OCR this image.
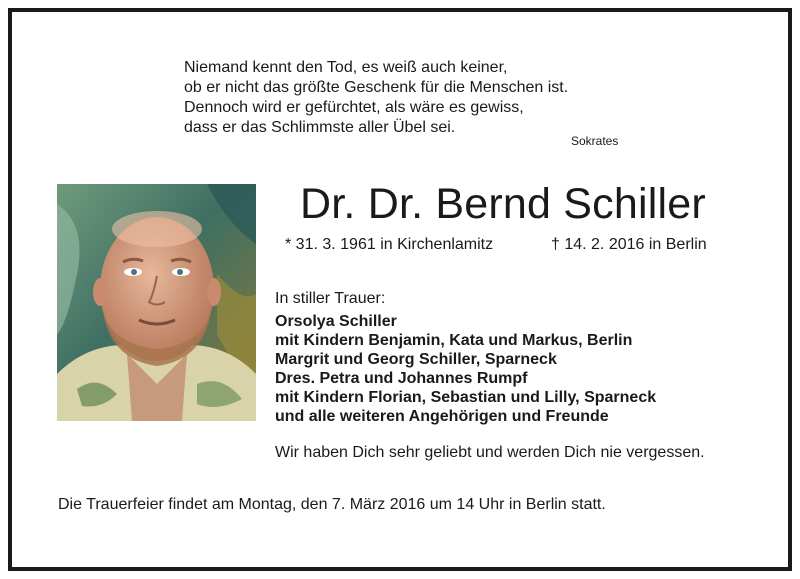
Niemand kennt den Tod, es weiß auch keiner,
ob er nicht das größte Geschenk für die Menschen ist.
Dennoch wird er gefürchtet, als wäre es gewiss,
dass er das Schlimmste aller Übel sei.
Sokrates
Dr. Dr. Bernd Schiller
* 31. 3. 1961 in Kirchenlamitz	† 14. 2. 2016 in Berlin
In stiller Trauer:
Orsolya Schiller
mit Kindern Benjamin, Kata und Markus, Berlin
Margrit und Georg Schiller, Sparneck
Dres. Petra und Johannes Rumpf
mit Kindern Florian, Sebastian und Lilly, Sparneck
und alle weiteren Angehörigen und Freunde
Wir haben Dich sehr geliebt und werden Dich nie vergessen.
Die Trauerfeier findet am Montag, den 7. März 2016 um 14 Uhr in Berlin statt.
